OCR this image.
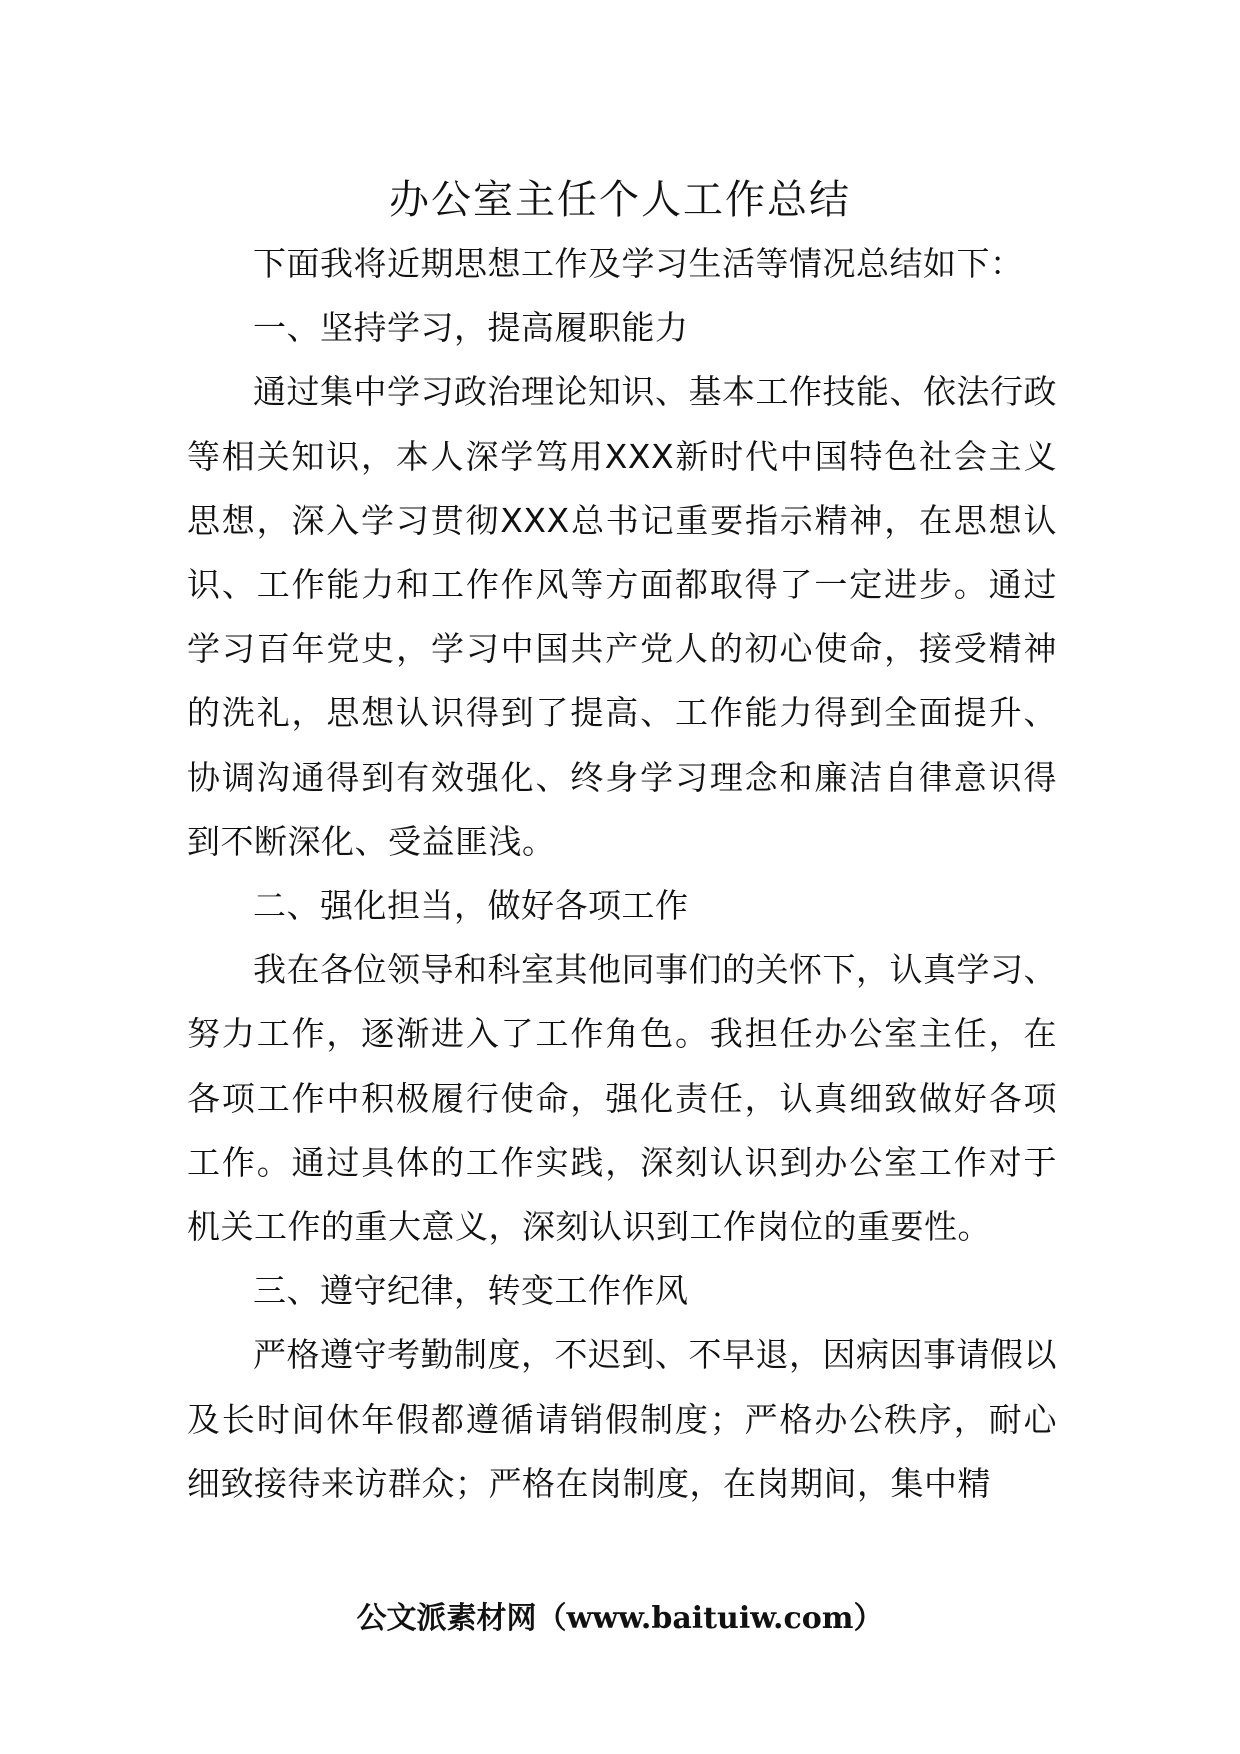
办公室主任个人工作总结

下面我将近期思想工作及学习生活等情况总结如下：

一、坚持学习，提高履职能力

通过集中学习政治理论知识、基本工作技能、依法行政等相关知识，本人深学笃用XXX新时代中国特色社会主义思想，深入学习贯彻XXX总书记重要指示精神，在思想认识、工作能力和工作作风等方面都取得了一定进步。通过学习百年党史，学习中国共产党人的初心使命，接受精神的洗礼，思想认识得到了提高、工作能力得到全面提升、协调沟通得到有效强化、终身学习理念和廉洁自律意识得到不断深化、受益匪浅。

二、强化担当，做好各项工作

我在各位领导和科室其他同事们的关怀下，认真学习、努力工作，逐渐进入了工作角色。我担任办公室主任，在各项工作中积极履行使命，强化责任，认真细致做好各项工作。通过具体的工作实践，深刻认识到办公室工作对于机关工作的重大意义，深刻认识到工作岗位的重要性。

三、遵守纪律，转变工作作风

严格遵守考勤制度，不迟到、不早退，因病因事请假以及长时间休年假都遵循请销假制度；严格办公秩序，耐心细致接待来访群众；严格在岗制度，在岗期间，集中精

公文派素材网（www.baituiw.com）
